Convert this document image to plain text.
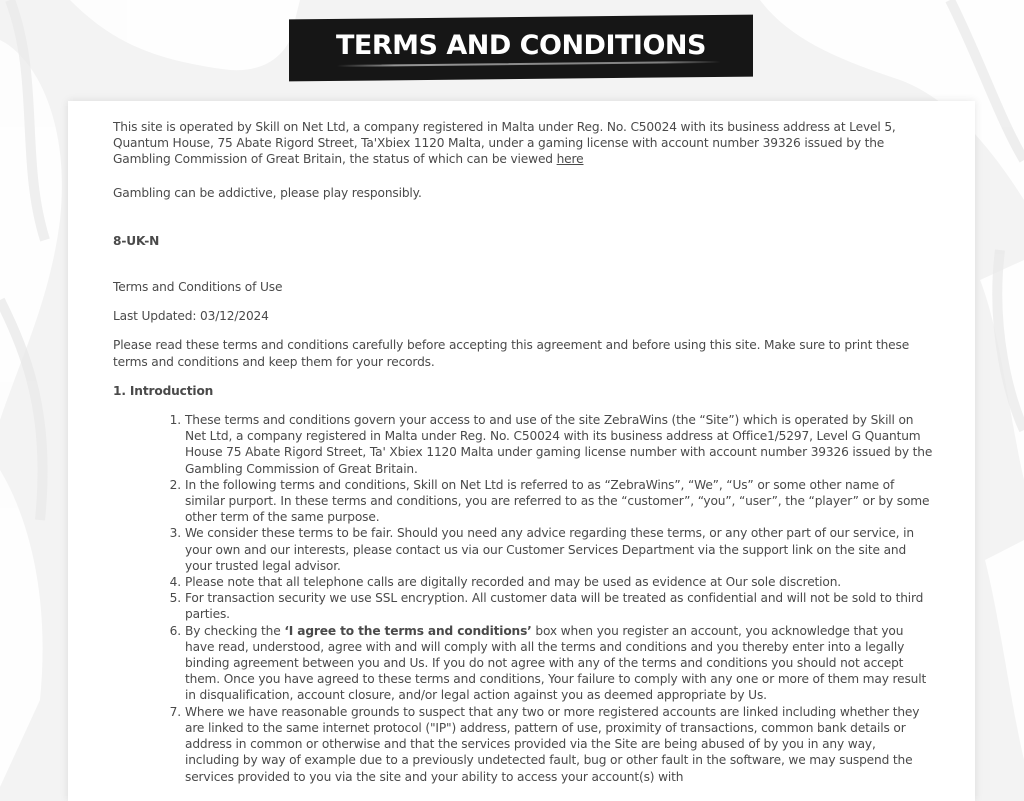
TERMS AND CONDITIONS

This site is operated by Skill on Net Ltd, a company registered in Malta under Reg. No. C50024 with its business address at Level 5, Quantum House, 75 Abate Rigord Street, Ta'Xbiex 1120 Malta, under a gaming license with account number 39326 issued by the Gambling Commission of Great Britain, the status of which can be viewed here

Gambling can be addictive, please play responsibly.

8-UK-N

Terms and Conditions of Use

Last Updated: 03/12/2024

Please read these terms and conditions carefully before accepting this agreement and before using this site. Make sure to print these terms and conditions and keep them for your records.

1. Introduction

1. These terms and conditions govern your access to and use of the site ZebraWins (the “Site”) which is operated by Skill on Net Ltd, a company registered in Malta under Reg. No. C50024 with its business address at Office1/5297, Level G Quantum House 75 Abate Rigord Street, Ta' Xbiex 1120 Malta under gaming license number with account number 39326 issued by the Gambling Commission of Great Britain.
2. In the following terms and conditions, Skill on Net Ltd is referred to as “ZebraWins”, “We”, “Us” or some other name of similar purport. In these terms and conditions, you are referred to as the “customer”, “you”, “user”, the “player” or by some other term of the same purpose.
3. We consider these terms to be fair. Should you need any advice regarding these terms, or any other part of our service, in your own and our interests, please contact us via our Customer Services Department via the support link on the site and your trusted legal advisor.
4. Please note that all telephone calls are digitally recorded and may be used as evidence at Our sole discretion.
5. For transaction security we use SSL encryption. All customer data will be treated as confidential and will not be sold to third parties.
6. By checking the ‘I agree to the terms and conditions’ box when you register an account, you acknowledge that you have read, understood, agree with and will comply with all the terms and conditions and you thereby enter into a legally binding agreement between you and Us. If you do not agree with any of the terms and conditions you should not accept them. Once you have agreed to these terms and conditions, Your failure to comply with any one or more of them may result in disqualification, account closure, and/or legal action against you as deemed appropriate by Us.
7. Where we have reasonable grounds to suspect that any two or more registered accounts are linked including whether they are linked to the same internet protocol ("IP") address, pattern of use, proximity of transactions, common bank details or address in common or otherwise and that the services provided via the Site are being abused of by you in any way, including by way of example due to a previously undetected fault, bug or other fault in the software, we may suspend the services provided to you via the site and your ability to access your account(s) with
